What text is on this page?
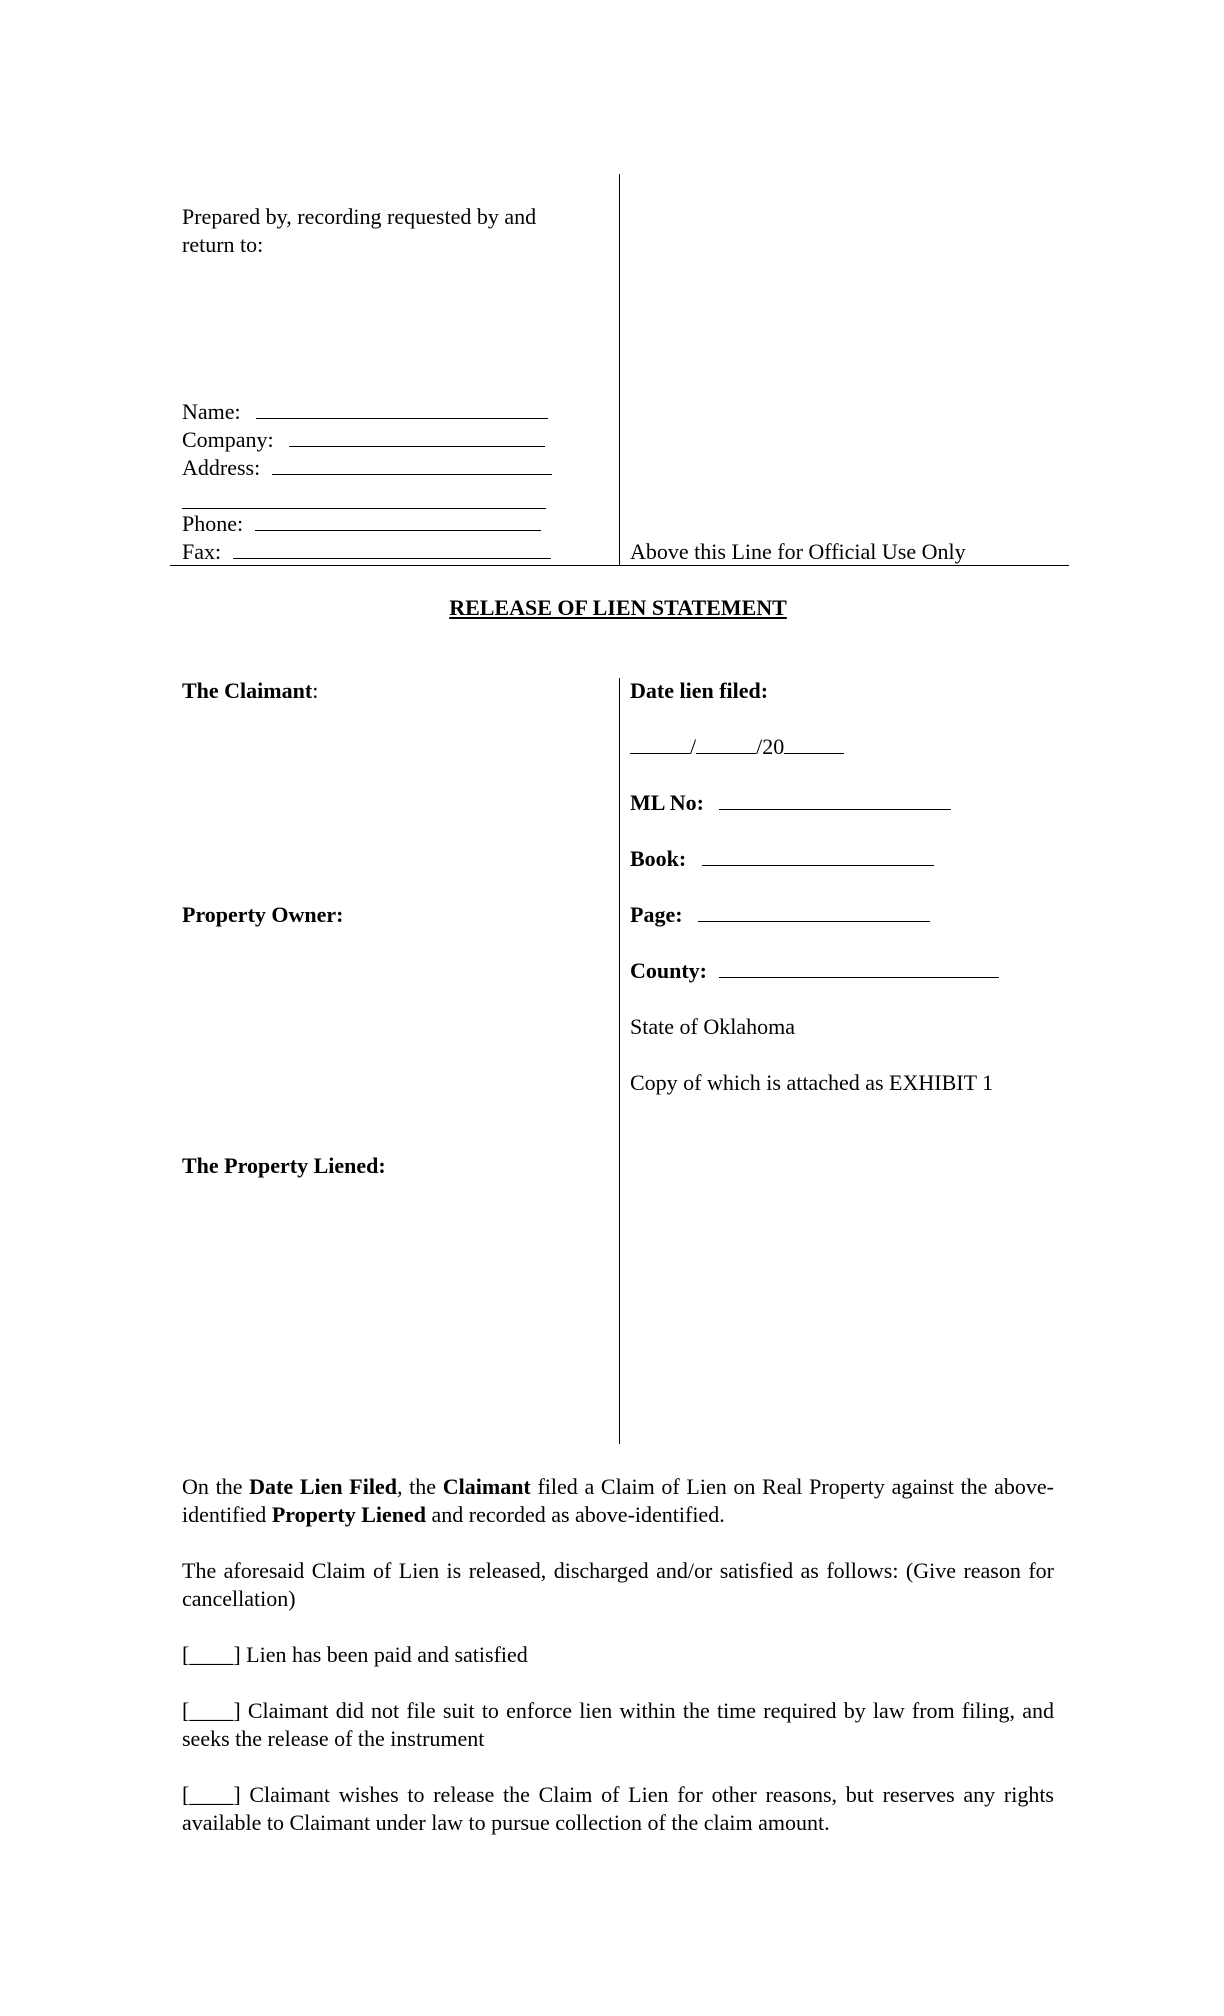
Prepared by, recording requested by and
return to:
Name:
Company:
Address:
Phone:
Fax:	Above this Line for Official Use Only
RELEASE OF LIEN STATEMENT
The Claimant:
Property Owner:
The Property Liened:
Date lien filed:
/	/20
ML No:
Book:
Page:
County:
State of Oklahoma
Copy of which is attached as EXHIBIT 1
On the Date Lien Filed, the Claimant filed a Claim of Lien on Real Property against the above-identified Property Liened and recorded as above-identified.
The aforesaid Claim of Lien is released, discharged and/or satisfied as follows: (Give reason for cancellation)
[____] Lien has been paid and satisfied
[____] Claimant did not file suit to enforce lien within the time required by law from filing, and seeks the release of the instrument
[____] Claimant wishes to release the Claim of Lien for other reasons, but reserves any rights available to Claimant under law to pursue collection of the claim amount.
